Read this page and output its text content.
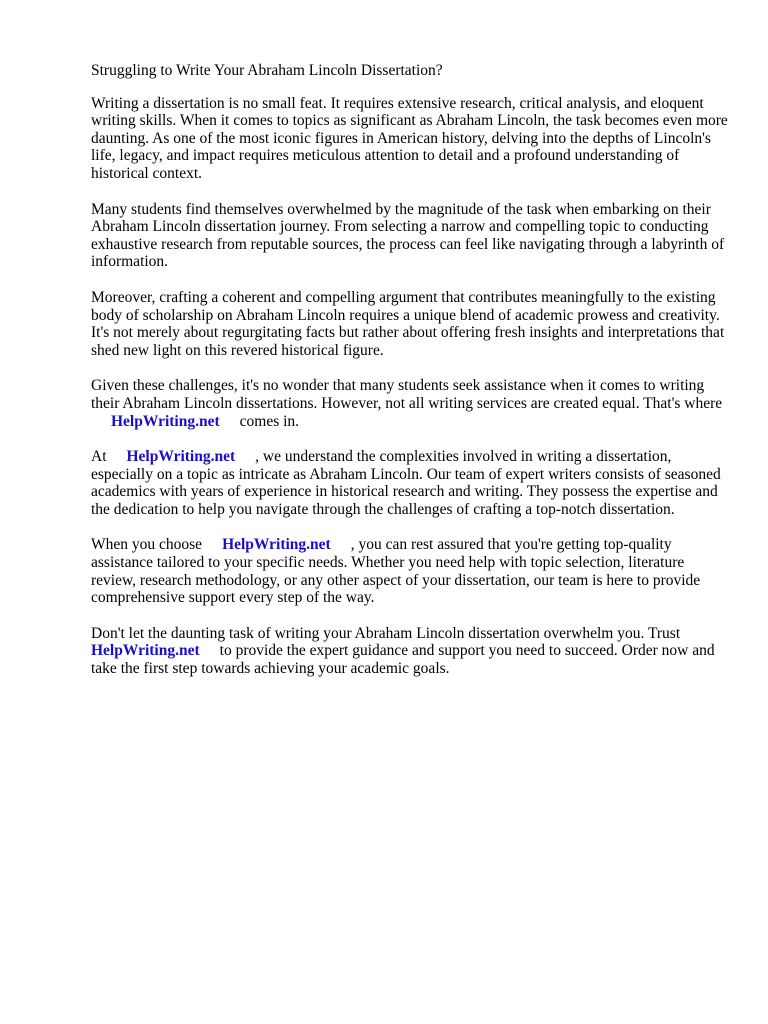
Struggling to Write Your Abraham Lincoln Dissertation?

Writing a dissertation is no small feat. It requires extensive research, critical analysis, and eloquent writing skills. When it comes to topics as significant as Abraham Lincoln, the task becomes even more daunting. As one of the most iconic figures in American history, delving into the depths of Lincoln's life, legacy, and impact requires meticulous attention to detail and a profound understanding of historical context.

Many students find themselves overwhelmed by the magnitude of the task when embarking on their Abraham Lincoln dissertation journey. From selecting a narrow and compelling topic to conducting exhaustive research from reputable sources, the process can feel like navigating through a labyrinth of information.

Moreover, crafting a coherent and compelling argument that contributes meaningfully to the existing body of scholarship on Abraham Lincoln requires a unique blend of academic prowess and creativity. It's not merely about regurgitating facts but rather about offering fresh insights and interpretations that shed new light on this revered historical figure.

Given these challenges, it's no wonder that many students seek assistance when it comes to writing their Abraham Lincoln dissertations. However, not all writing services are created equal. That's whereHelpWriting.net comes in.

At HelpWriting.net , we understand the complexities involved in writing a dissertation, especially on a topic as intricate as Abraham Lincoln. Our team of expert writers consists of seasoned academics with years of experience in historical research and writing. They possess the expertise and the dedication to help you navigate through the challenges of crafting a top-notch dissertation.

When you choose HelpWriting.net , you can rest assured that you're getting top-quality assistance tailored to your specific needs. Whether you need help with topic selection, literature review, research methodology, or any other aspect of your dissertation, our team is here to provide comprehensive support every step of the way.

Don't let the daunting task of writing your Abraham Lincoln dissertation overwhelm you. Trust HelpWriting.net to provide the expert guidance and support you need to succeed. Order now and take the first step towards achieving your academic goals.
